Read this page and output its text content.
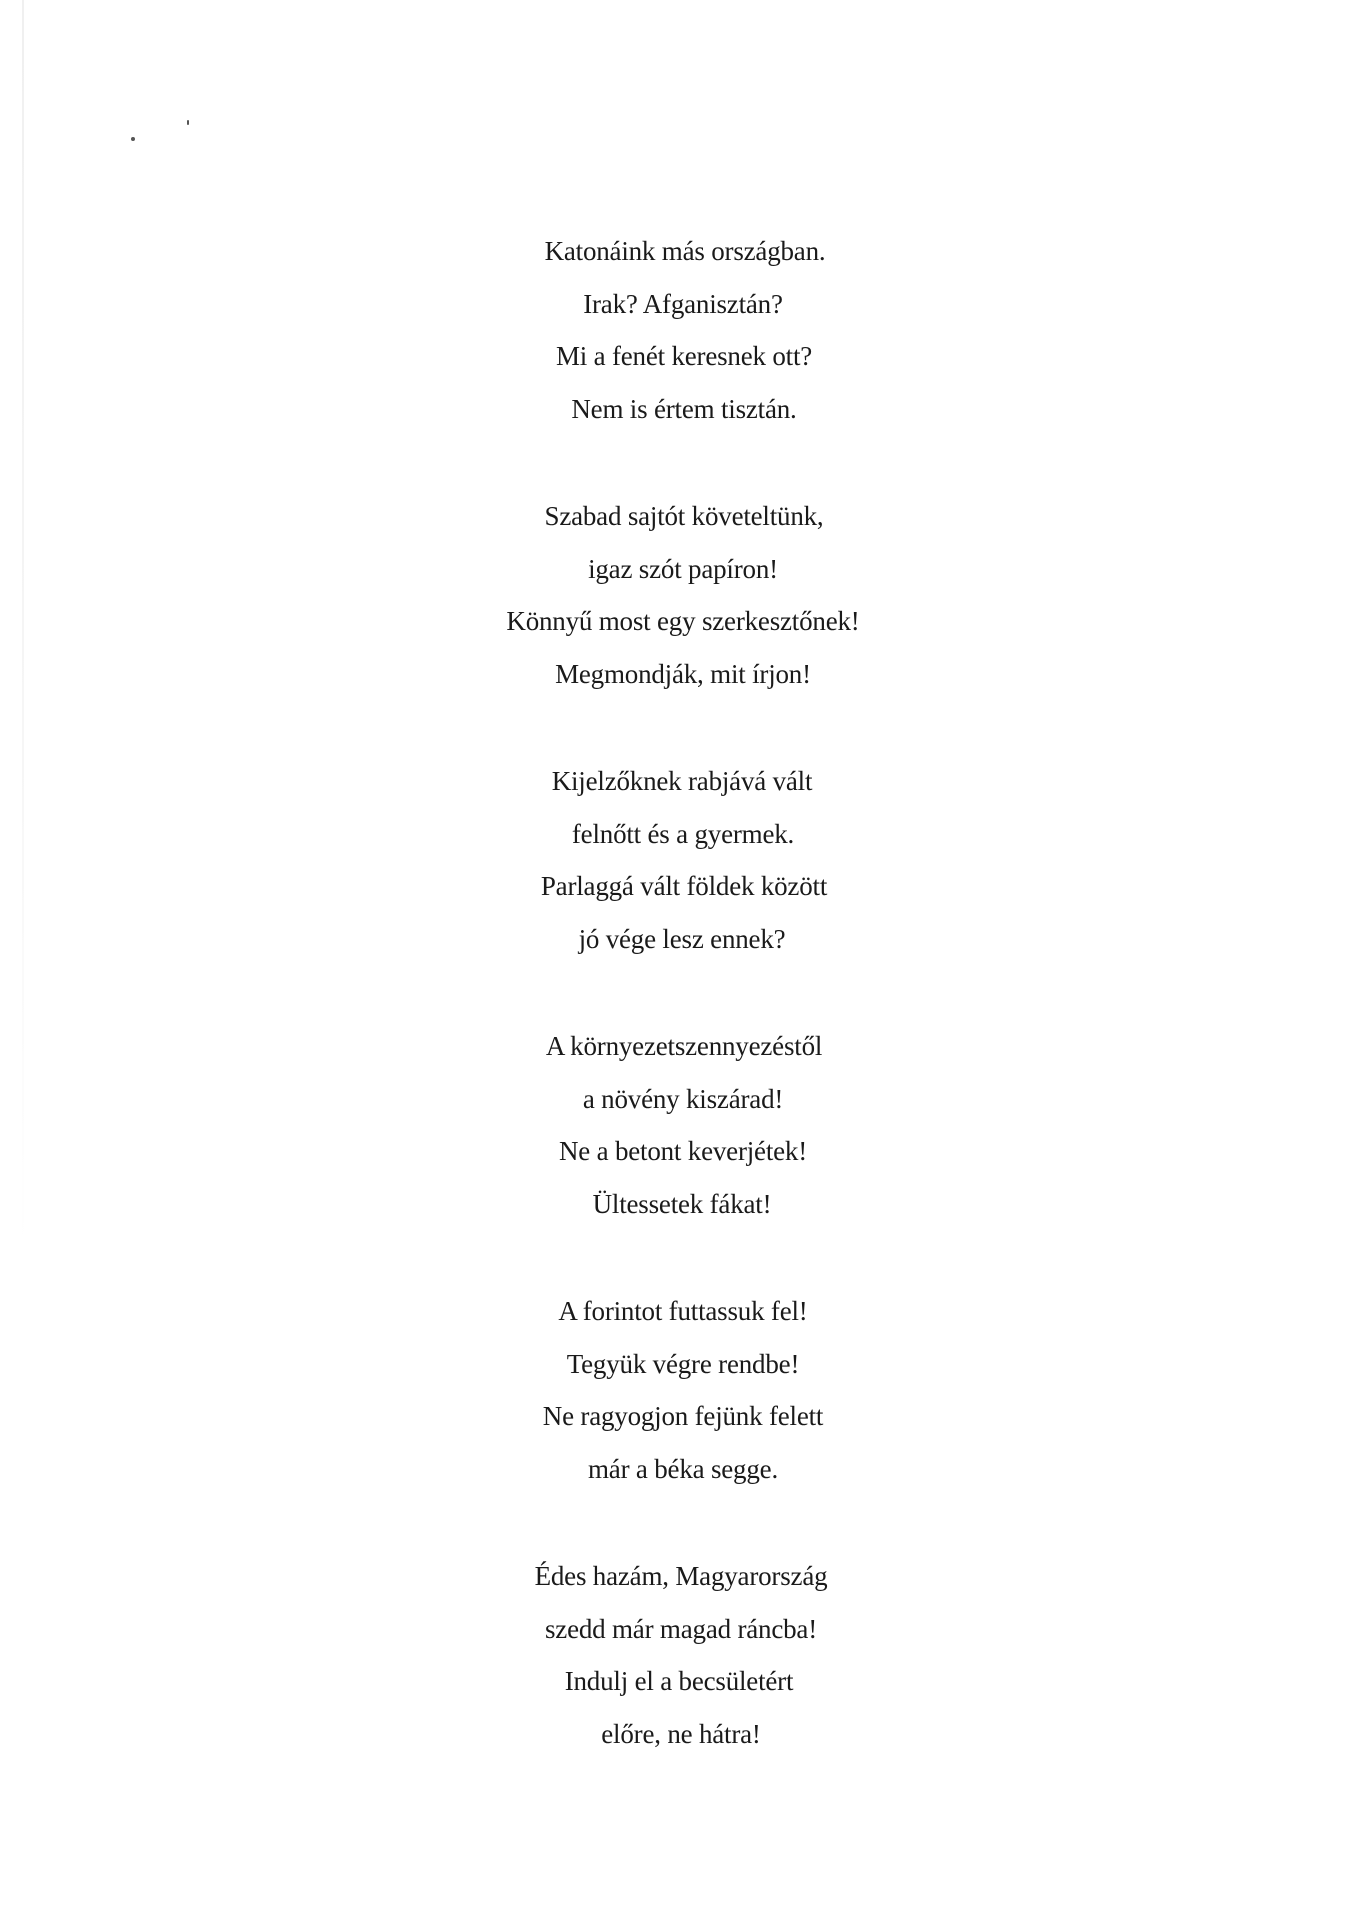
Katonáink más országban.
Irak? Afganisztán?
Mi a fenét keresnek ott?
Nem is értem tisztán.
Szabad sajtót követeltünk,
igaz szót papíron!
Könnyű most egy szerkesztőnek!
Megmondják, mit írjon!
Kijelzőknek rabjává vált
felnőtt és a gyermek.
Parlaggá vált földek között
jó vége lesz ennek?
A környezetszennyezéstől
a növény kiszárad!
Ne a betont keverjétek!
Ültessetek fákat!
A forintot futtassuk fel!
Tegyük végre rendbe!
Ne ragyogjon fejünk felett
már a béka segge.
Édes hazám, Magyarország
szedd már magad ráncba!
Indulj el a becsületért
előre, ne hátra!
